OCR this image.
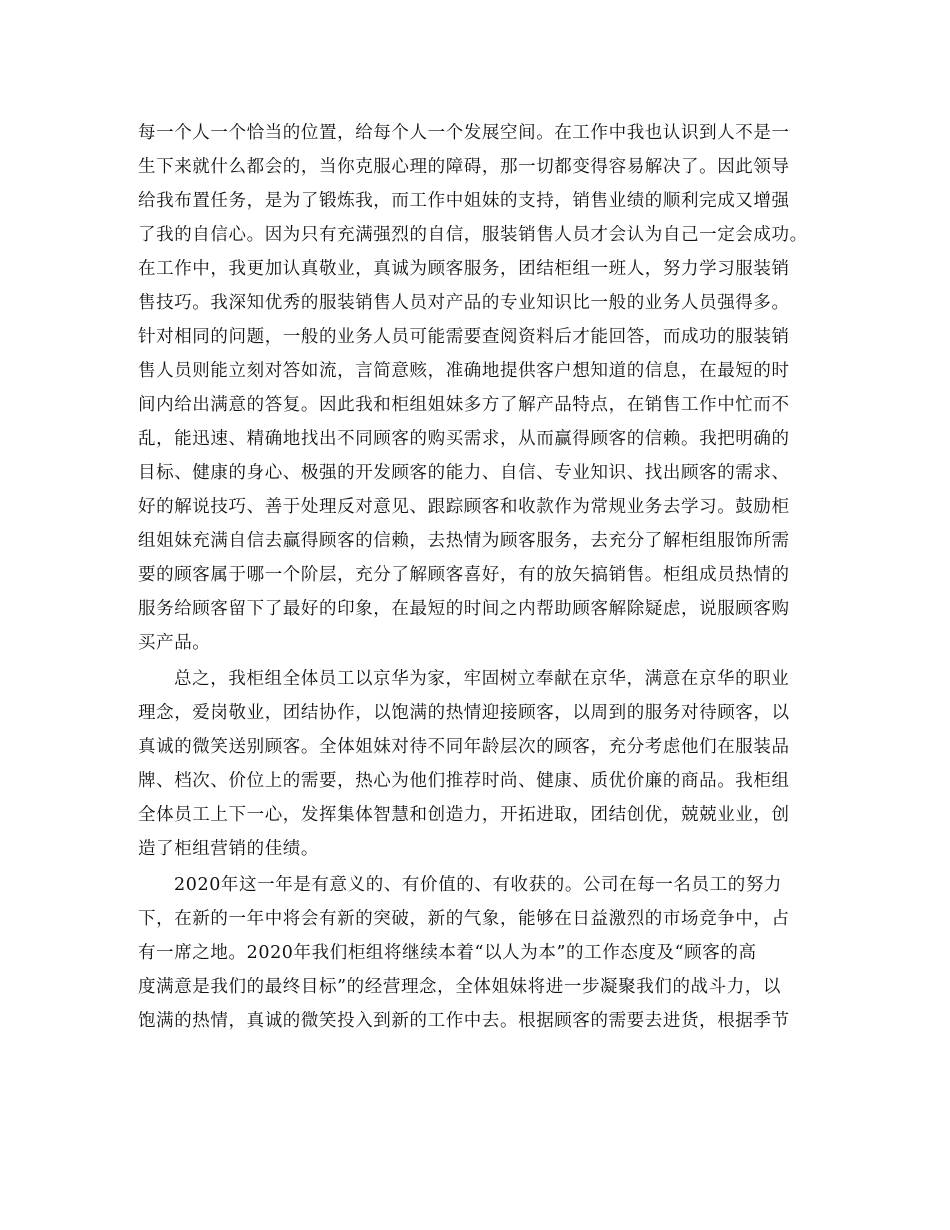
每一个人一个恰当的位置，给每个人一个发展空间。在工作中我也认识到人不是一
生下来就什么都会的，当你克服心理的障碍，那一切都变得容易解决了。因此领导
给我布置任务，是为了锻炼我，而工作中姐妹的支持，销售业绩的顺利完成又增强
了我的自信心。因为只有充满强烈的自信，服装销售人员才会认为自己一定会成功。
在工作中，我更加认真敬业，真诚为顾客服务，团结柜组一班人，努力学习服装销
售技巧。我深知优秀的服装销售人员对产品的专业知识比一般的业务人员强得多。
针对相同的问题，一般的业务人员可能需要查阅资料后才能回答，而成功的服装销
售人员则能立刻对答如流，言简意赅，准确地提供客户想知道的信息，在最短的时
间内给出满意的答复。因此我和柜组姐妹多方了解产品特点，在销售工作中忙而不
乱，能迅速、精确地找出不同顾客的购买需求，从而赢得顾客的信赖。我把明确的
目标、健康的身心、极强的开发顾客的能力、自信、专业知识、找出顾客的需求、
好的解说技巧、善于处理反对意见、跟踪顾客和收款作为常规业务去学习。鼓励柜
组姐妹充满自信去赢得顾客的信赖，去热情为顾客服务，去充分了解柜组服饰所需
要的顾客属于哪一个阶层，充分了解顾客喜好，有的放矢搞销售。柜组成员热情的
服务给顾客留下了最好的印象，在最短的时间之内帮助顾客解除疑虑，说服顾客购
买产品。
总之，我柜组全体员工以京华为家，牢固树立奉献在京华，满意在京华的职业
理念，爱岗敬业，团结协作，以饱满的热情迎接顾客，以周到的服务对待顾客，以
真诚的微笑送别顾客。全体姐妹对待不同年龄层次的顾客，充分考虑他们在服装品
牌、档次、价位上的需要，热心为他们推荐时尚、健康、质优价廉的商品。我柜组
全体员工上下一心，发挥集体智慧和创造力，开拓进取，团结创优，兢兢业业，创
造了柜组营销的佳绩。
2020年这一年是有意义的、有价值的、有收获的。公司在每一名员工的努力
下，在新的一年中将会有新的突破，新的气象，能够在日益激烈的市场竞争中，占
有一席之地。2020年我们柜组将继续本着“以人为本”的工作态度及“顾客的高
度满意是我们的最终目标”的经营理念，全体姐妹将进一步凝聚我们的战斗力，以
饱满的热情，真诚的微笑投入到新的工作中去。根据顾客的需要去进货，根据季节
